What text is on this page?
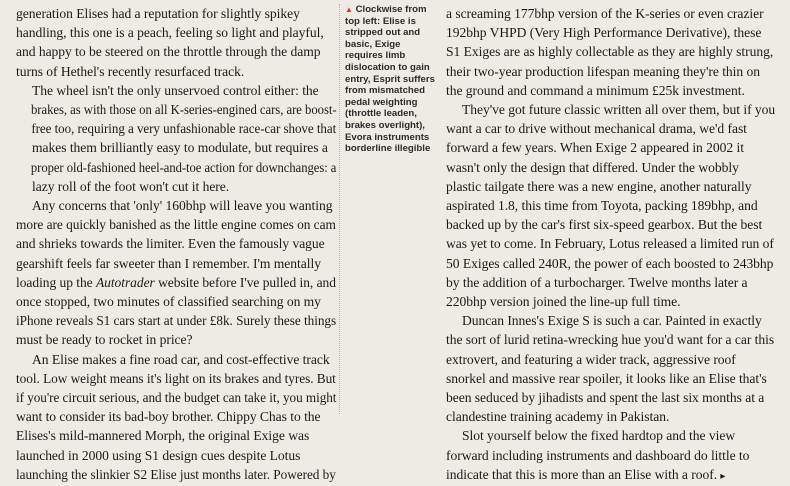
generation Elises had a reputation for slightly spikey
handling, this one is a peach, feeling so light and playful,
and happy to be steered on the throttle through the damp
turns of Hethel's recently resurfaced track.

The wheel isn't the only unservoed control either: the
brakes, as with those on all K-series-engined cars, are boost-
free too, requiring a very unfashionable race-car shove that
makes them brilliantly easy to modulate, but requires a
proper old-fashioned heel-and-toe action for downchanges: a
lazy roll of the foot won't cut it here.

Any concerns that 'only' 160bhp will leave you wanting
more are quickly banished as the little engine comes on cam
and shrieks towards the limiter. Even the famously vague
gearshift feels far sweeter than I remember. I'm mentally
loading up the Autotrader website before I've pulled in, and
once stopped, two minutes of classified searching on my
iPhone reveals S1 cars start at under £8k. Surely these things
must be ready to rocket in price?

An Elise makes a fine road car, and cost-effective track
tool. Low weight means it's light on its brakes and tyres. But
if you're circuit serious, and the budget can take it, you might
want to consider its bad-boy brother. Chippy Chas to the
Elises's mild-mannered Morph, the original Exige was
launched in 2000 using S1 design cues despite Lotus
launching the slinkier S2 Elise just months later. Powered by

▲ Clockwise from
top left: Elise is
stripped out and
basic, Exige
requires limb
dislocation to gain
entry, Esprit suffers
from mismatched
pedal weighting
(throttle leaden,
brakes overlight),
Evora instruments
borderline illegible

a screaming 177bhp version of the K-series or even crazier
192bhp VHPD (Very High Performance Derivative), these
S1 Exiges are as highly collectable as they are highly strung,
their two-year production lifespan meaning they're thin on
the ground and command a minimum £25k investment.

They've got future classic written all over them, but if you
want a car to drive without mechanical drama, we'd fast
forward a few years. When Exige 2 appeared in 2002 it
wasn't only the design that differed. Under the wobbly
plastic tailgate there was a new engine, another naturally
aspirated 1.8, this time from Toyota, packing 189bhp, and
backed up by the car's first six-speed gearbox. But the best
was yet to come. In February, Lotus released a limited run of
50 Exiges called 240R, the power of each boosted to 243bhp
by the addition of a turbocharger. Twelve months later a
220bhp version joined the line-up full time.

Duncan Innes's Exige S is such a car. Painted in exactly
the sort of lurid retina-wrecking hue you'd want for a car this
extrovert, and featuring a wider track, aggressive roof
snorkel and massive rear spoiler, it looks like an Elise that's
been seduced by jihadists and spent the last six months at a
clandestine training academy in Pakistan.

Slot yourself below the fixed hardtop and the view
forward including instruments and dashboard do little to
indicate that this is more than an Elise with a roof. ▸
